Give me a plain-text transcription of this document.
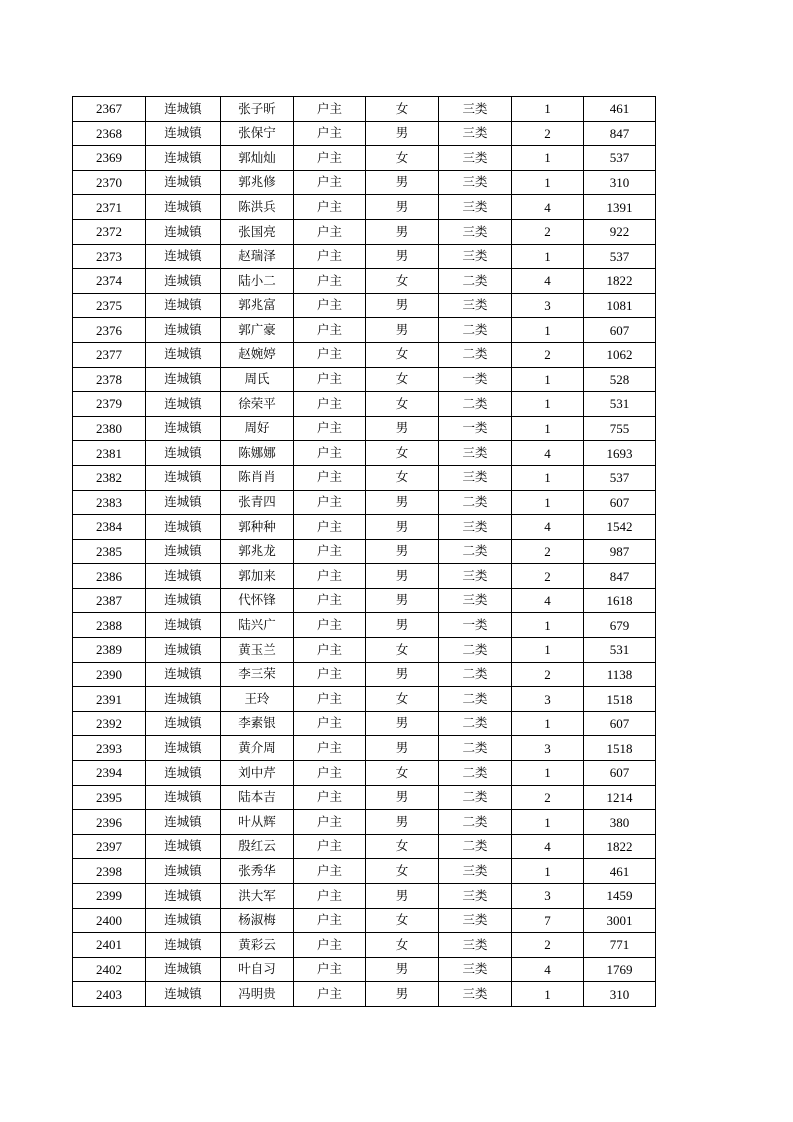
2367	连城镇	张子昕	户主	女	三类	1	461
2368	连城镇	张保宁	户主	男	三类	2	847
2369	连城镇	郭灿灿	户主	女	三类	1	537
2370	连城镇	郭兆修	户主	男	三类	1	310
2371	连城镇	陈洪兵	户主	男	三类	4	1391
2372	连城镇	张国亮	户主	男	三类	2	922
2373	连城镇	赵瑞泽	户主	男	三类	1	537
2374	连城镇	陆小二	户主	女	二类	4	1822
2375	连城镇	郭兆富	户主	男	三类	3	1081
2376	连城镇	郭广豪	户主	男	二类	1	607
2377	连城镇	赵婉婷	户主	女	二类	2	1062
2378	连城镇	周氏	户主	女	一类	1	528
2379	连城镇	徐荣平	户主	女	二类	1	531
2380	连城镇	周好	户主	男	一类	1	755
2381	连城镇	陈娜娜	户主	女	三类	4	1693
2382	连城镇	陈肖肖	户主	女	三类	1	537
2383	连城镇	张青四	户主	男	二类	1	607
2384	连城镇	郭种种	户主	男	三类	4	1542
2385	连城镇	郭兆龙	户主	男	二类	2	987
2386	连城镇	郭加来	户主	男	三类	2	847
2387	连城镇	代怀锋	户主	男	三类	4	1618
2388	连城镇	陆兴广	户主	男	一类	1	679
2389	连城镇	黄玉兰	户主	女	二类	1	531
2390	连城镇	李三荣	户主	男	二类	2	1138
2391	连城镇	王玲	户主	女	二类	3	1518
2392	连城镇	李素银	户主	男	二类	1	607
2393	连城镇	黄介周	户主	男	二类	3	1518
2394	连城镇	刘中芹	户主	女	二类	1	607
2395	连城镇	陆本吉	户主	男	二类	2	1214
2396	连城镇	叶从辉	户主	男	二类	1	380
2397	连城镇	殷红云	户主	女	二类	4	1822
2398	连城镇	张秀华	户主	女	三类	1	461
2399	连城镇	洪大军	户主	男	三类	3	1459
2400	连城镇	杨淑梅	户主	女	三类	7	3001
2401	连城镇	黄彩云	户主	女	三类	2	771
2402	连城镇	叶自习	户主	男	三类	4	1769
2403	连城镇	冯明贵	户主	男	三类	1	310
